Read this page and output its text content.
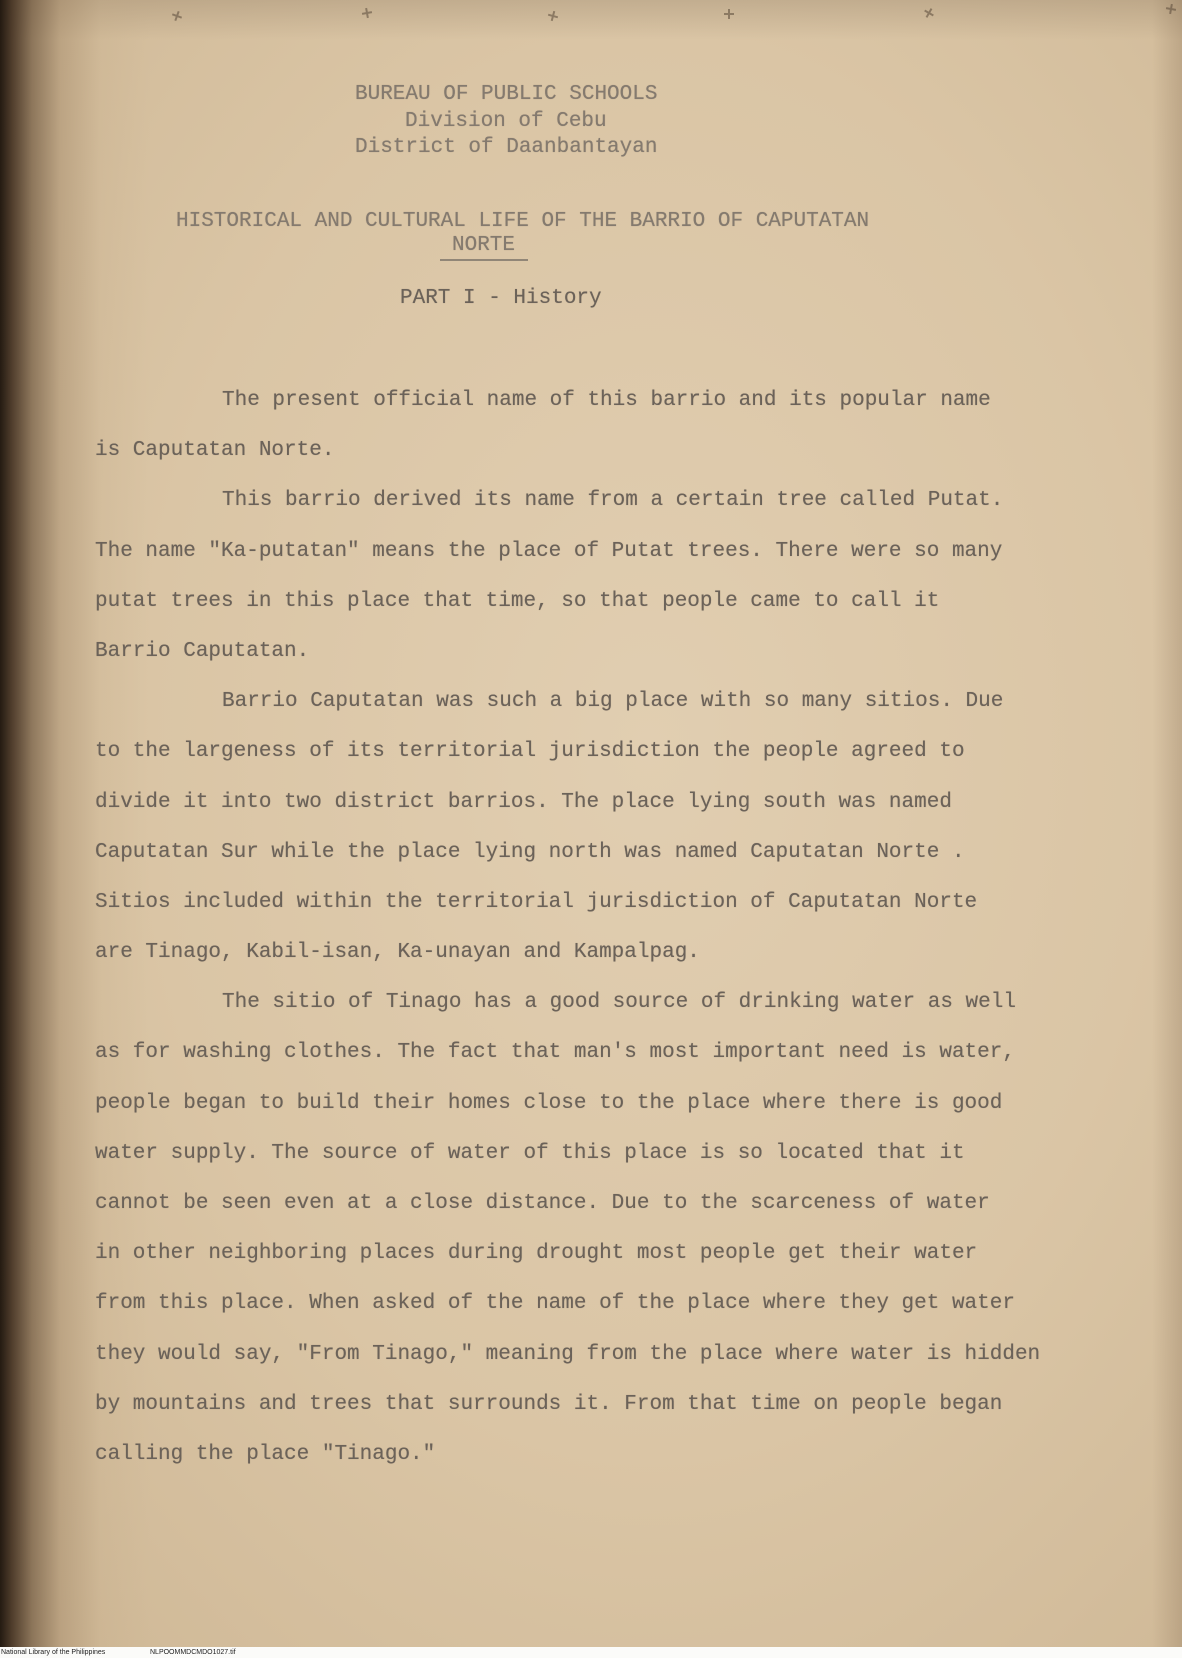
BUREAU OF PUBLIC SCHOOLS
Division of Cebu
District of Daanbantayan
HISTORICAL AND CULTURAL LIFE OF THE BARRIO OF CAPUTATAN
NORTE
PART I - History
The present official name of this barrio and its popular name
is Caputatan Norte.
This barrio derived its name from a certain tree called Putat.
The name "Ka-putatan" means the place of Putat trees. There were so many
putat trees in this place that time, so that people came to call it
Barrio Caputatan.
Barrio Caputatan was such a big place with so many sitios. Due
to the largeness of its territorial jurisdiction the people agreed to
divide it into two district barrios. The place lying south was named
Caputatan Sur while the place lying north was named Caputatan Norte .
Sitios included within the territorial jurisdiction of Caputatan Norte
are Tinago, Kabil-isan, Ka-unayan and Kampalpag.
The sitio of Tinago has a good source of drinking water as well
as for washing clothes. The fact that man's most important need is water,
people began to build their homes close to the place where there is good
water supply. The source of water of this place is so located that it
cannot be seen even at a close distance. Due to the scarceness of water
in other neighboring places during drought most people get their water
from this place. When asked of the name of the place where they get water
they would say, "From Tinago," meaning from the place where water is hidden
by mountains and trees that surrounds it. From that time on people began
calling the place "Tinago."
National Library of the Philippines	NLPOOMMDCMDO1027.tif
